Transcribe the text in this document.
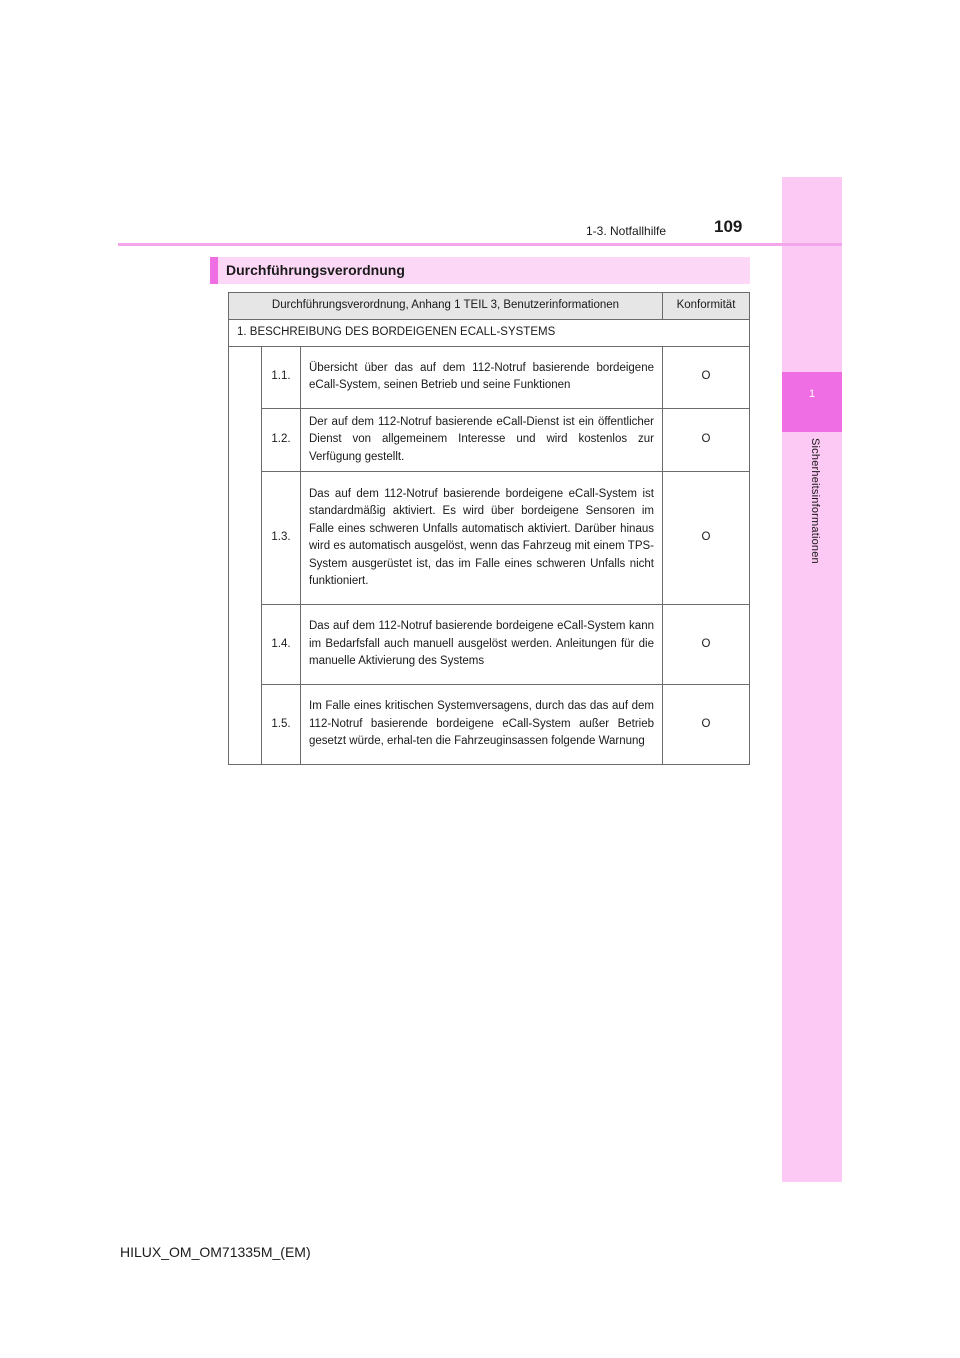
1
Sicherheitsinformationen
1-3. Notfallhilfe	109
Durchführungsverordnung
Durchführungsverordnung, Anhang 1 TEIL 3, Benutzerinformationen			Konformität
1. BESCHREIBUNG DES BORDEIGENEN ECALL-SYSTEMS			
	1.1.	Übersicht über das auf dem 112-Notruf basierende bordeigene eCall-System, seinen Betrieb und seine Funktionen	O
	1.2.	Der auf dem 112-Notruf basierende eCall-Dienst ist ein öffentlicher Dienst von allgemeinem Interesse und wird kostenlos zur Verfügung gestellt.	O
	1.3.	Das auf dem 112-Notruf basierende bordeigene eCall-System ist standardmäßig aktiviert. Es wird über bordeigene Sensoren im Falle eines schweren Unfalls automatisch aktiviert. Darüber hinaus wird es automatisch ausgelöst, wenn das Fahrzeug mit einem TPS-System ausgerüstet ist, das im Falle eines schweren Unfalls nicht funktioniert.	O
	1.4.	Das auf dem 112-Notruf basierende bordeigene eCall-System kann im Bedarfsfall auch manuell ausgelöst werden. Anleitungen für die manuelle Aktivierung des Systems	O
	1.5.	Im Falle eines kritischen Systemversagens, durch das das auf dem 112-Notruf basierende bordeigene eCall-System außer Betrieb gesetzt würde, erhal-ten die Fahrzeuginsassen folgende Warnung	O
HILUX_OM_OM71335M_(EM)
